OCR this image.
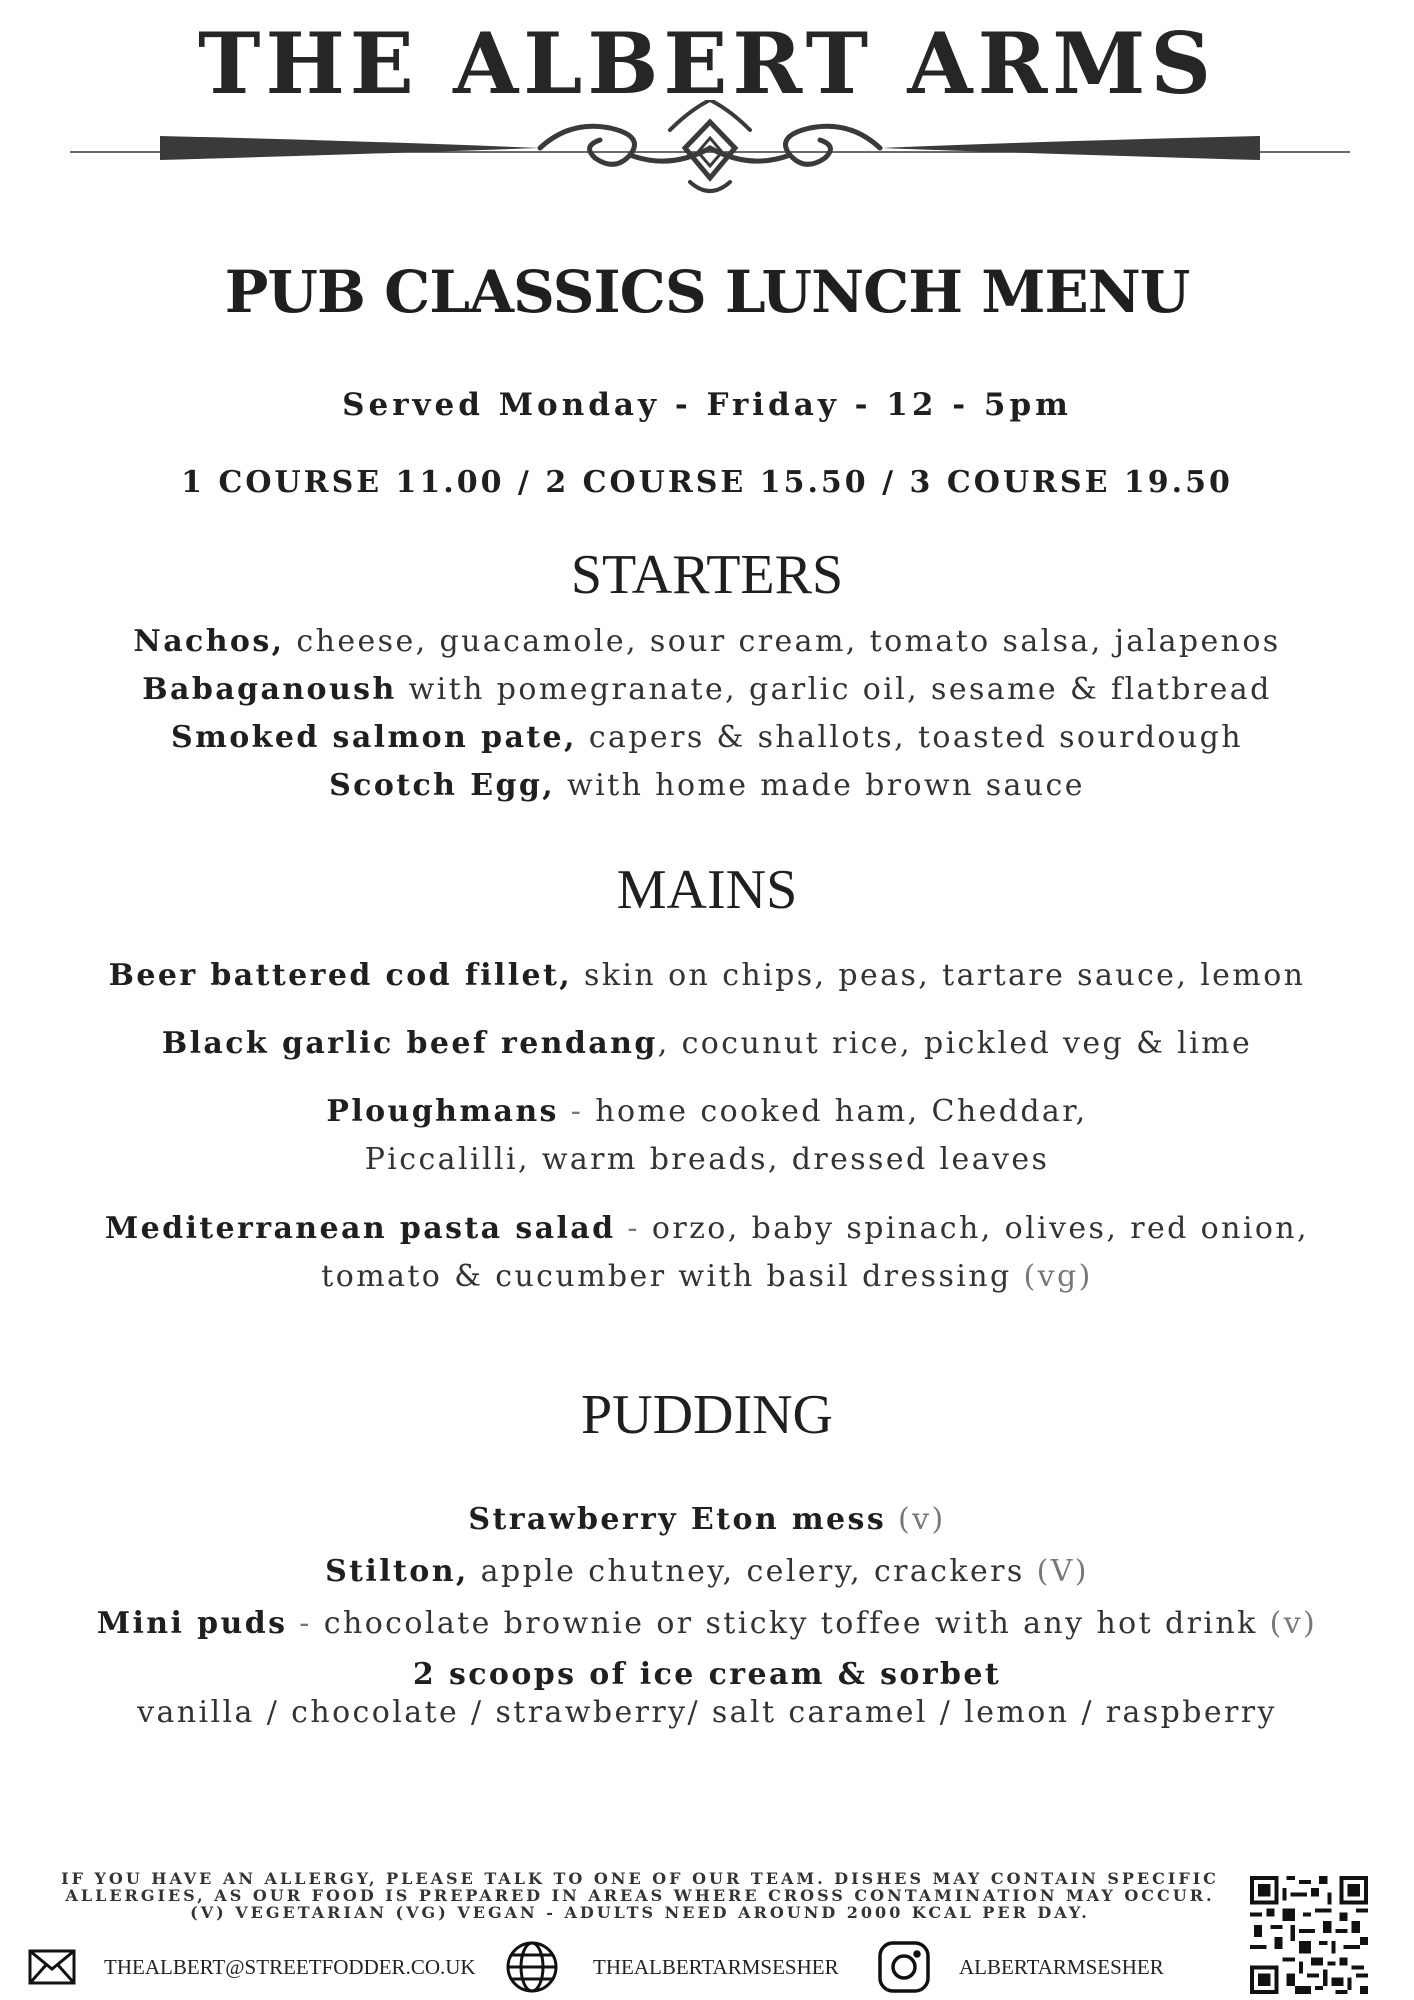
THE ALBERT ARMS
PUB CLASSICS LUNCH MENU
Served Monday - Friday - 12 - 5pm
1 COURSE 11.00 / 2 COURSE 15.50 / 3 COURSE 19.50
STARTERS
Nachos, cheese, guacamole, sour cream, tomato salsa, jalapenos
Babaganoush with pomegranate, garlic oil, sesame & flatbread
Smoked salmon pate, capers & shallots, toasted sourdough
Scotch Egg, with home made brown sauce
MAINS
Beer battered cod fillet, skin on chips, peas, tartare sauce, lemon
Black garlic beef rendang, cocunut rice, pickled veg & lime
Ploughmans - home cooked ham, Cheddar,
Piccalilli, warm breads, dressed leaves
Mediterranean pasta salad - orzo, baby spinach, olives, red onion,
tomato & cucumber with basil dressing (vg)
PUDDING
Strawberry Eton mess (v)
Stilton, apple chutney, celery, crackers (V)
Mini puds - chocolate brownie or sticky toffee with any hot drink (v)
2 scoops of ice cream & sorbet
vanilla / chocolate / strawberry/ salt caramel / lemon / raspberry
IF YOU HAVE AN ALLERGY, PLEASE TALK TO ONE OF OUR TEAM. DISHES MAY CONTAIN SPECIFIC
ALLERGIES, AS OUR FOOD IS PREPARED IN AREAS WHERE CROSS CONTAMINATION MAY OCCUR.
(V) VEGETARIAN (VG) VEGAN - ADULTS NEED AROUND 2000 KCAL PER DAY.
THEALBERT@STREETFODDER.CO.UK	THEALBERTARMSESHER	ALBERTARMSESHER
